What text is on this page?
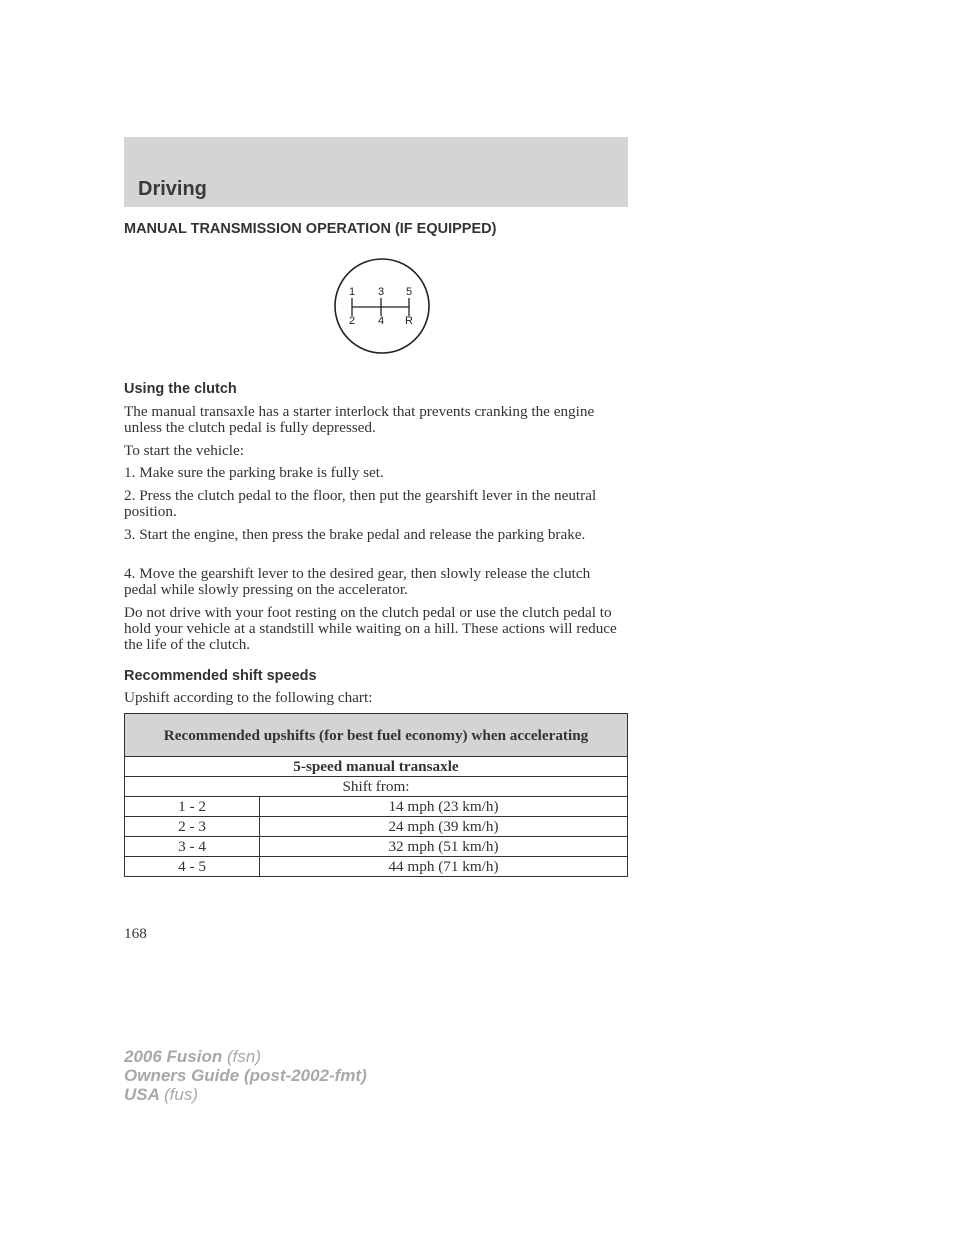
Driving
MANUAL TRANSMISSION OPERATION (IF EQUIPPED)
1 3 5
2 4 R
Using the clutch
The manual transaxle has a starter interlock that prevents cranking the engine unless the clutch pedal is fully depressed.
To start the vehicle:
1. Make sure the parking brake is fully set.
2. Press the clutch pedal to the floor, then put the gearshift lever in the neutral position.
3. Start the engine, then press the brake pedal and release the parking brake.
4. Move the gearshift lever to the desired gear, then slowly release the clutch pedal while slowly pressing on the accelerator.
Do not drive with your foot resting on the clutch pedal or use the clutch pedal to hold your vehicle at a standstill while waiting on a hill. These actions will reduce the life of the clutch.
Recommended shift speeds
Upshift according to the following chart:
Recommended upshifts (for best fuel economy) when accelerating	
5-speed manual transaxle	
Shift from:	
1 - 2	14 mph (23 km/h)
2 - 3	24 mph (39 km/h)
3 - 4	32 mph (51 km/h)
4 - 5	44 mph (71 km/h)
168
2006 Fusion (fsn)
Owners Guide (post-2002-fmt)
USA (fus)
